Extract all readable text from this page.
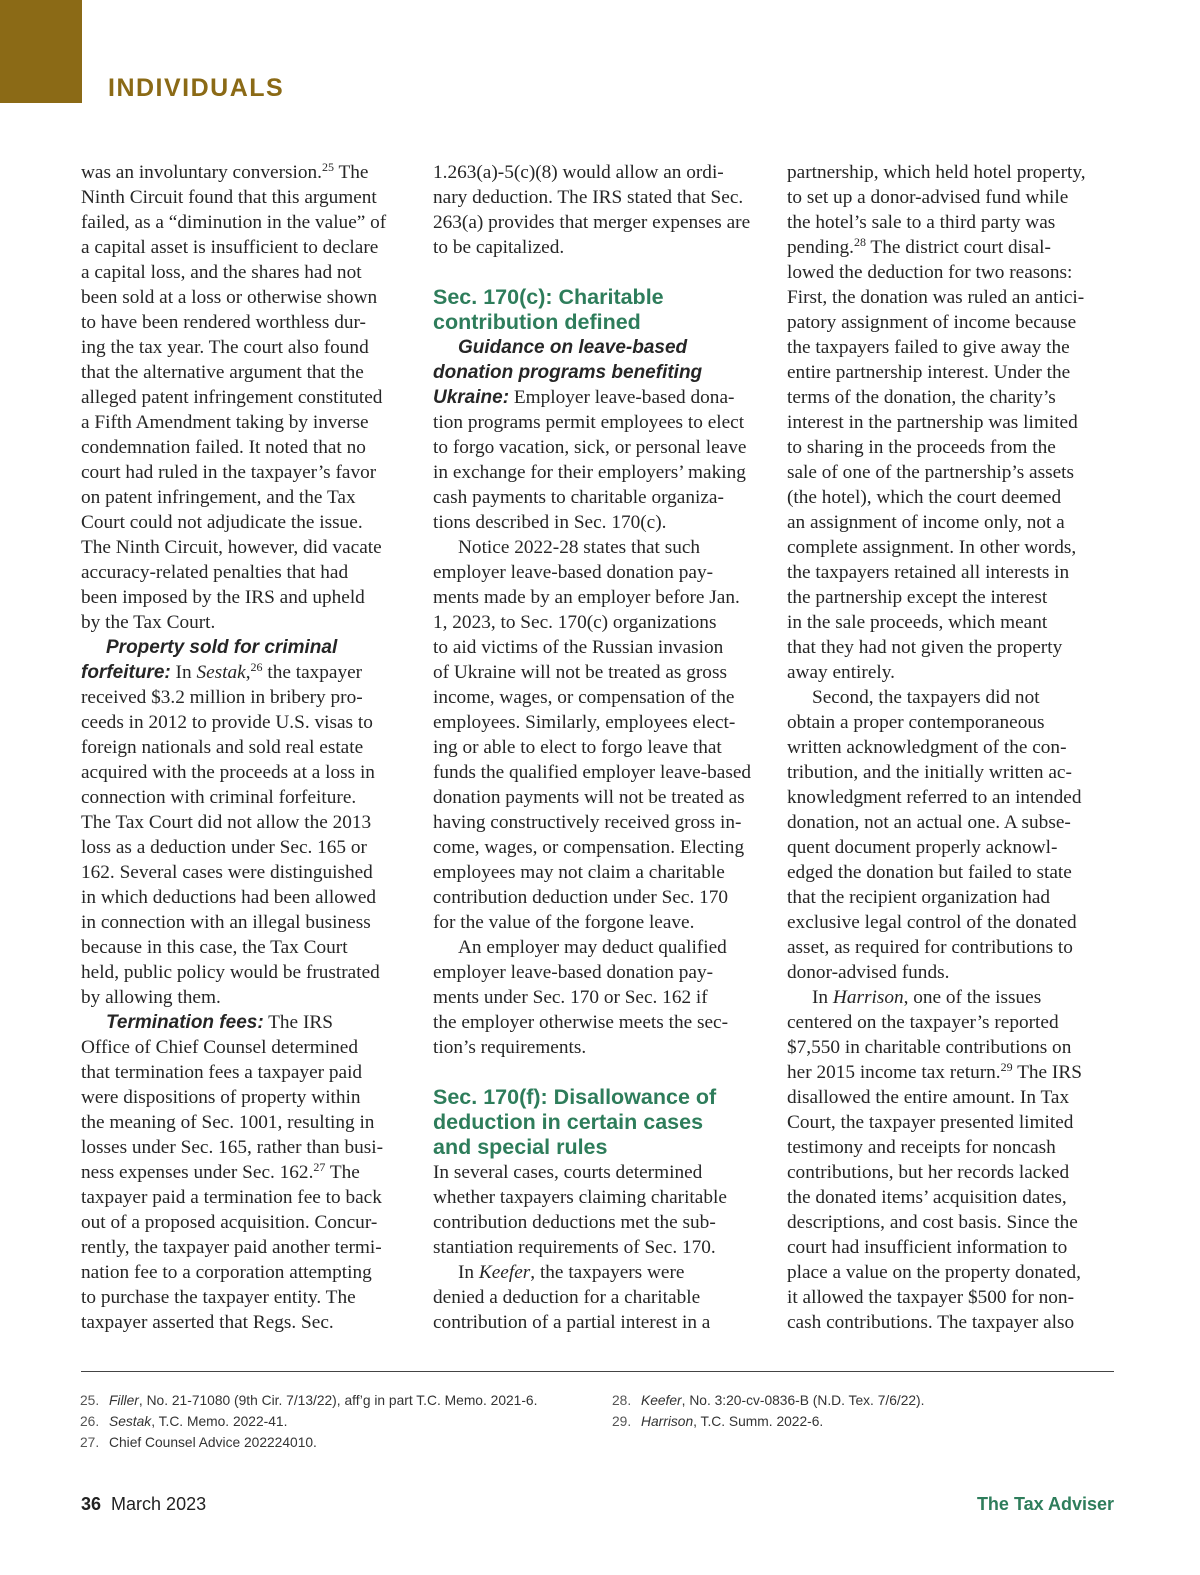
INDIVIDUALS
was an involuntary conversion.$^{25}$ The
Ninth Circuit found that this argument
failed, as a “diminution in the value” of
a capital asset is insufficient to declare
a capital loss, and the shares had not
been sold at a loss or otherwise shown
to have been rendered worthless dur-
ing the tax year. The court also found
that the alternative argument that the
alleged patent infringement constituted
a Fifth Amendment taking by inverse
condemnation failed. It noted that no
court had ruled in the taxpayer’s favor
on patent infringement, and the Tax
Court could not adjudicate the issue.
The Ninth Circuit, however, did vacate
accuracy-related penalties that had
been imposed by the IRS and upheld
by the Tax Court.
Property sold for criminal
forfeiture: In Sestak,$^{26}$ the taxpayer
received $3.2 million in bribery pro-
ceeds in 2012 to provide U.S. visas to
foreign nationals and sold real estate
acquired with the proceeds at a loss in
connection with criminal forfeiture.
The Tax Court did not allow the 2013
loss as a deduction under Sec. 165 or
162. Several cases were distinguished
in which deductions had been allowed
in connection with an illegal business
because in this case, the Tax Court
held, public policy would be frustrated
by allowing them.
Termination fees: The IRS
Office of Chief Counsel determined
that termination fees a taxpayer paid
were dispositions of property within
the meaning of Sec. 1001, resulting in
losses under Sec. 165, rather than busi-
ness expenses under Sec. 162.27 The
taxpayer paid a termination fee to back
out of a proposed acquisition. Concur-
rently, the taxpayer paid another termi-
nation fee to a corporation attempting
to purchase the taxpayer entity. The
taxpayer asserted that Regs. Sec.
1.263(a)-5(c)(8) would allow an ordi-
nary deduction. The IRS stated that Sec.
263(a) provides that merger expenses are
to be capitalized.
Sec. 170(c): Charitable
contribution defined
Guidance on leave-based
donation programs benefiting
Ukraine: Employer leave-based dona-
tion programs permit employees to elect
to forgo vacation, sick, or personal leave
in exchange for their employers’ making
cash payments to charitable organiza-
tions described in Sec. 170(c).
Notice 2022-28 states that such
employer leave-based donation pay-
ments made by an employer before Jan.
1, 2023, to Sec. 170(c) organizations
to aid victims of the Russian invasion
of Ukraine will not be treated as gross
income, wages, or compensation of the
employees. Similarly, employees elect-
ing or able to elect to forgo leave that
funds the qualified employer leave-based
donation payments will not be treated as
having constructively received gross in-
come, wages, or compensation. Electing
employees may not claim a charitable
contribution deduction under Sec. 170
for the value of the forgone leave.
An employer may deduct qualified
employer leave-based donation pay-
ments under Sec. 170 or Sec. 162 if
the employer otherwise meets the sec-
tion’s requirements.
Sec. 170(f): Disallowance of
deduction in certain cases
and special rules
In several cases, courts determined
whether taxpayers claiming charitable
contribution deductions met the sub-
stantiation requirements of Sec. 170.
In Keefer, the taxpayers were
denied a deduction for a charitable
contribution of a partial interest in a
partnership, which held hotel property,
to set up a donor-advised fund while
the hotel’s sale to a third party was
pending.$^{28}$ The district court disal-
lowed the deduction for two reasons:
First, the donation was ruled an antici-
patory assignment of income because
the taxpayers failed to give away the
entire partnership interest. Under the
terms of the donation, the charity’s
interest in the partnership was limited
to sharing in the proceeds from the
sale of one of the partnership’s assets
(the hotel), which the court deemed
an assignment of income only, not a
complete assignment. In other words,
the taxpayers retained all interests in
the partnership except the interest
in the sale proceeds, which meant
that they had not given the property
away entirely.
Second, the taxpayers did not
obtain a proper contemporaneous
written acknowledgment of the con-
tribution, and the initially written ac-
knowledgment referred to an intended
donation, not an actual one. A subse-
quent document properly acknowl-
edged the donation but failed to state
that the recipient organization had
exclusive legal control of the donated
asset, as required for contributions to
donor-advised funds.
In Harrison, one of the issues
centered on the taxpayer’s reported
$7,550 in charitable contributions on
her 2015 income tax return.$^{29}$ The IRS
disallowed the entire amount. In Tax
Court, the taxpayer presented limited
testimony and receipts for noncash
contributions, but her records lacked
the donated items’ acquisition dates,
descriptions, and cost basis. Since the
court had insufficient information to
place a value on the property donated,
it allowed the taxpayer $500 for non-
cash contributions. The taxpayer also
25. Filler, No. 21-71080 (9th Cir. 7/13/22), aff’g in part T.C. Memo. 2021-6.
26. Sestak, T.C. Memo. 2022-41.
27. Chief Counsel Advice 202224010.
28. Keefer, No. 3:20-cv-0836-B (N.D. Tex. 7/6/22).
29. Harrison, T.C. Summ. 2022-6.
36 March 2023	The Tax Adviser
